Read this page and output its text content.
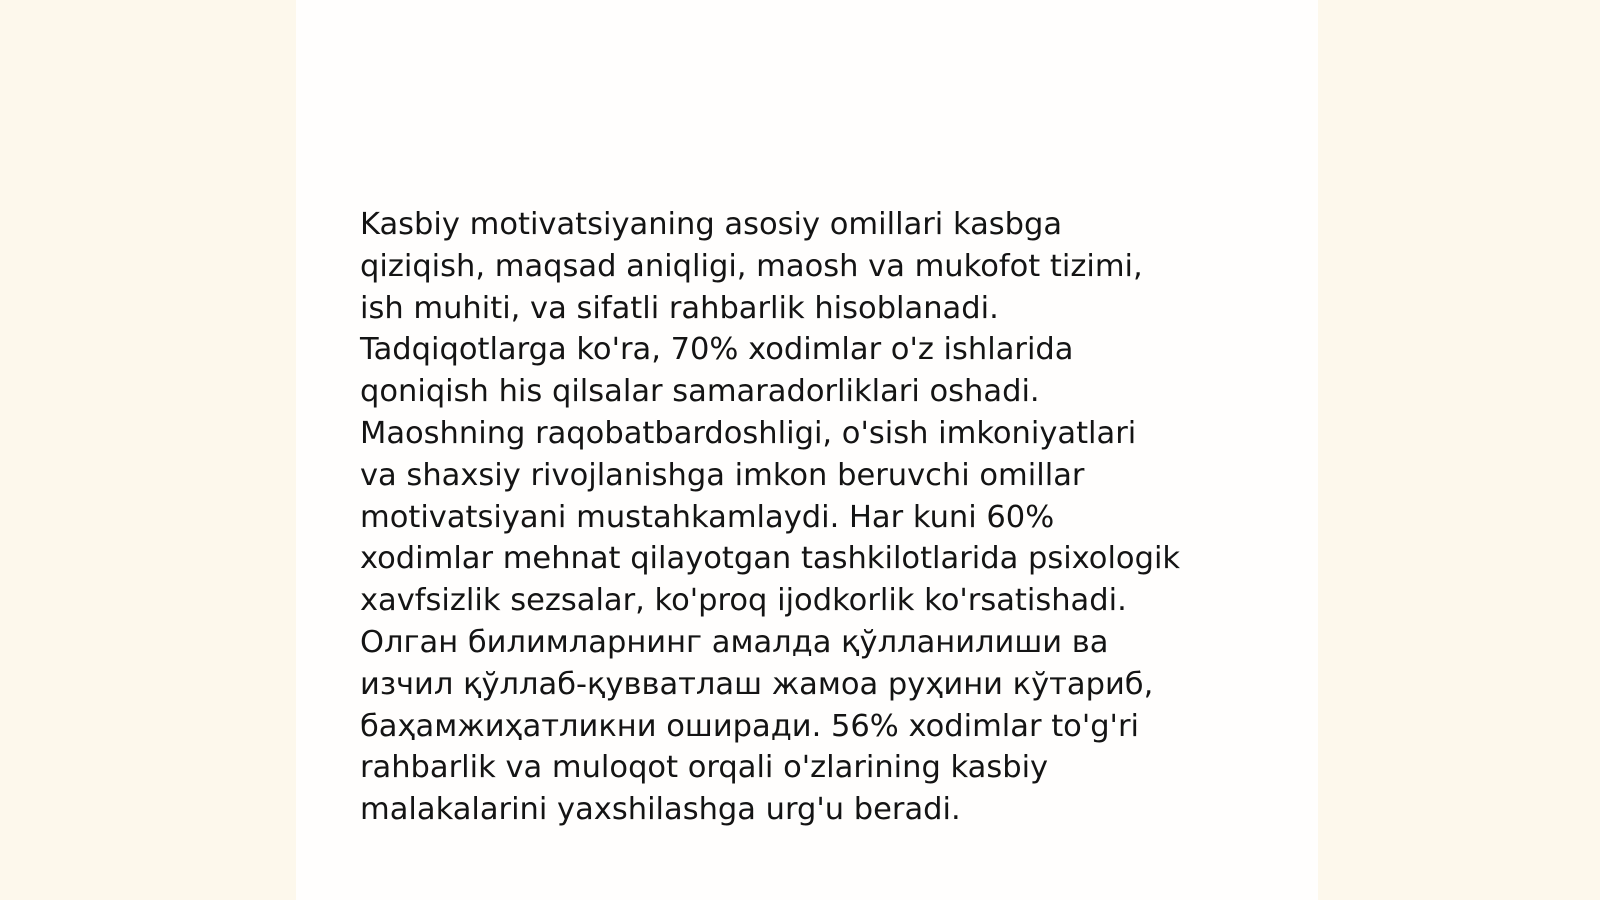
Kasbiy motivatsiyaning asosiy omillari kasbga
qiziqish, maqsad aniqligi, maosh va mukofot tizimi,
ish muhiti, va sifatli rahbarlik hisoblanadi.
Tadqiqotlarga ko'ra, 70% xodimlar o'z ishlarida
qoniqish his qilsalar samaradorliklari oshadi.
Maoshning raqobatbardoshligi, o'sish imkoniyatlari
va shaxsiy rivojlanishga imkon beruvchi omillar
motivatsiyani mustahkamlaydi. Har kuni 60%
xodimlar mehnat qilayotgan tashkilotlarida psixologik
xavfsizlik sezsalar, ko'proq ijodkorlik ko'rsatishadi.
Олган билимларнинг амалда қўлланилиши ва
изчил қўллаб-қувватлаш жамоа руҳини кўтариб,
баҳамжиҳатликни оширади. 56% xodimlar to'g'ri
rahbarlik va muloqot orqali o'zlarining kasbiy
malakalarini yaxshilashga urg'u beradi.
